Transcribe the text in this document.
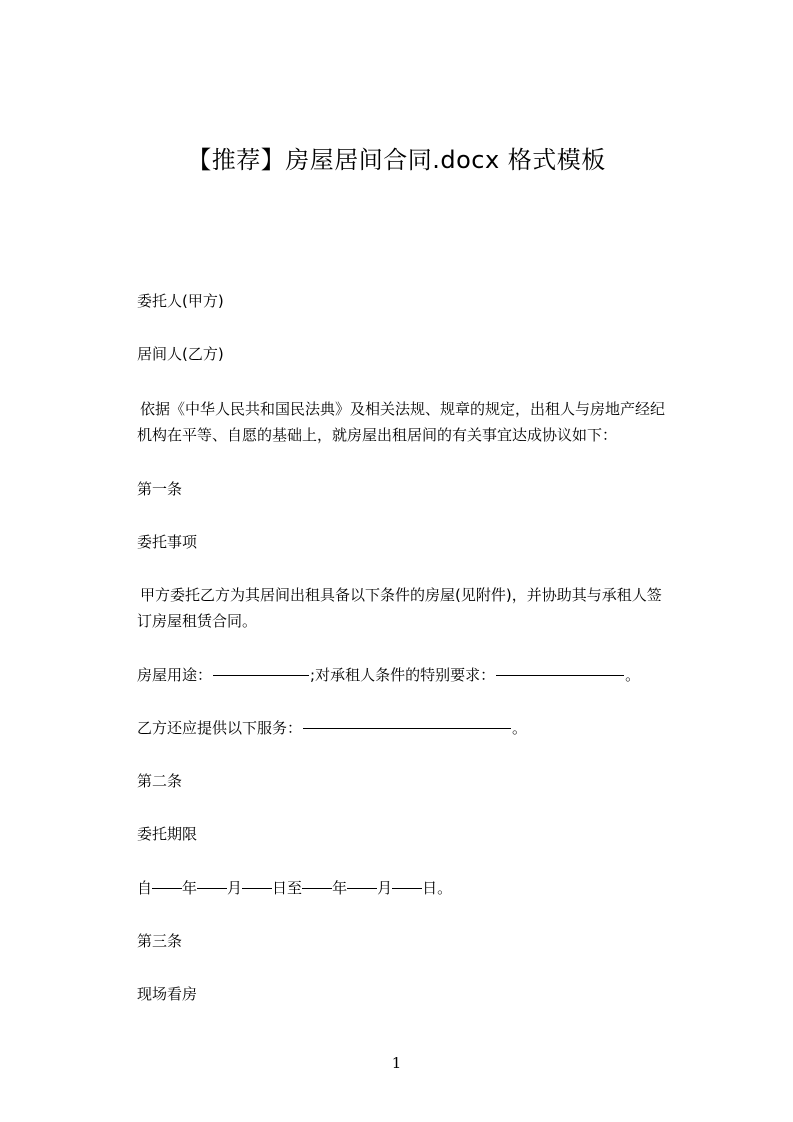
【推荐】房屋居间合同.docx 格式模板
委托人(甲方)
居间人(乙方)
依据《中华人民共和国民法典》及相关法规、规章的规定，出租人与房地产经纪
机构在平等、自愿的基础上，就房屋出租居间的有关事宜达成协议如下：
第一条
委托事项
甲方委托乙方为其居间出租具备以下条件的房屋(见附件)，并协助其与承租人签
订房屋租赁合同。
房屋用途：	;对承租人条件的特别要求：	。
乙方还应提供以下服务：	。
第二条
委托期限
自 年 月 日至 年 月 日。
第三条
现场看房
1
